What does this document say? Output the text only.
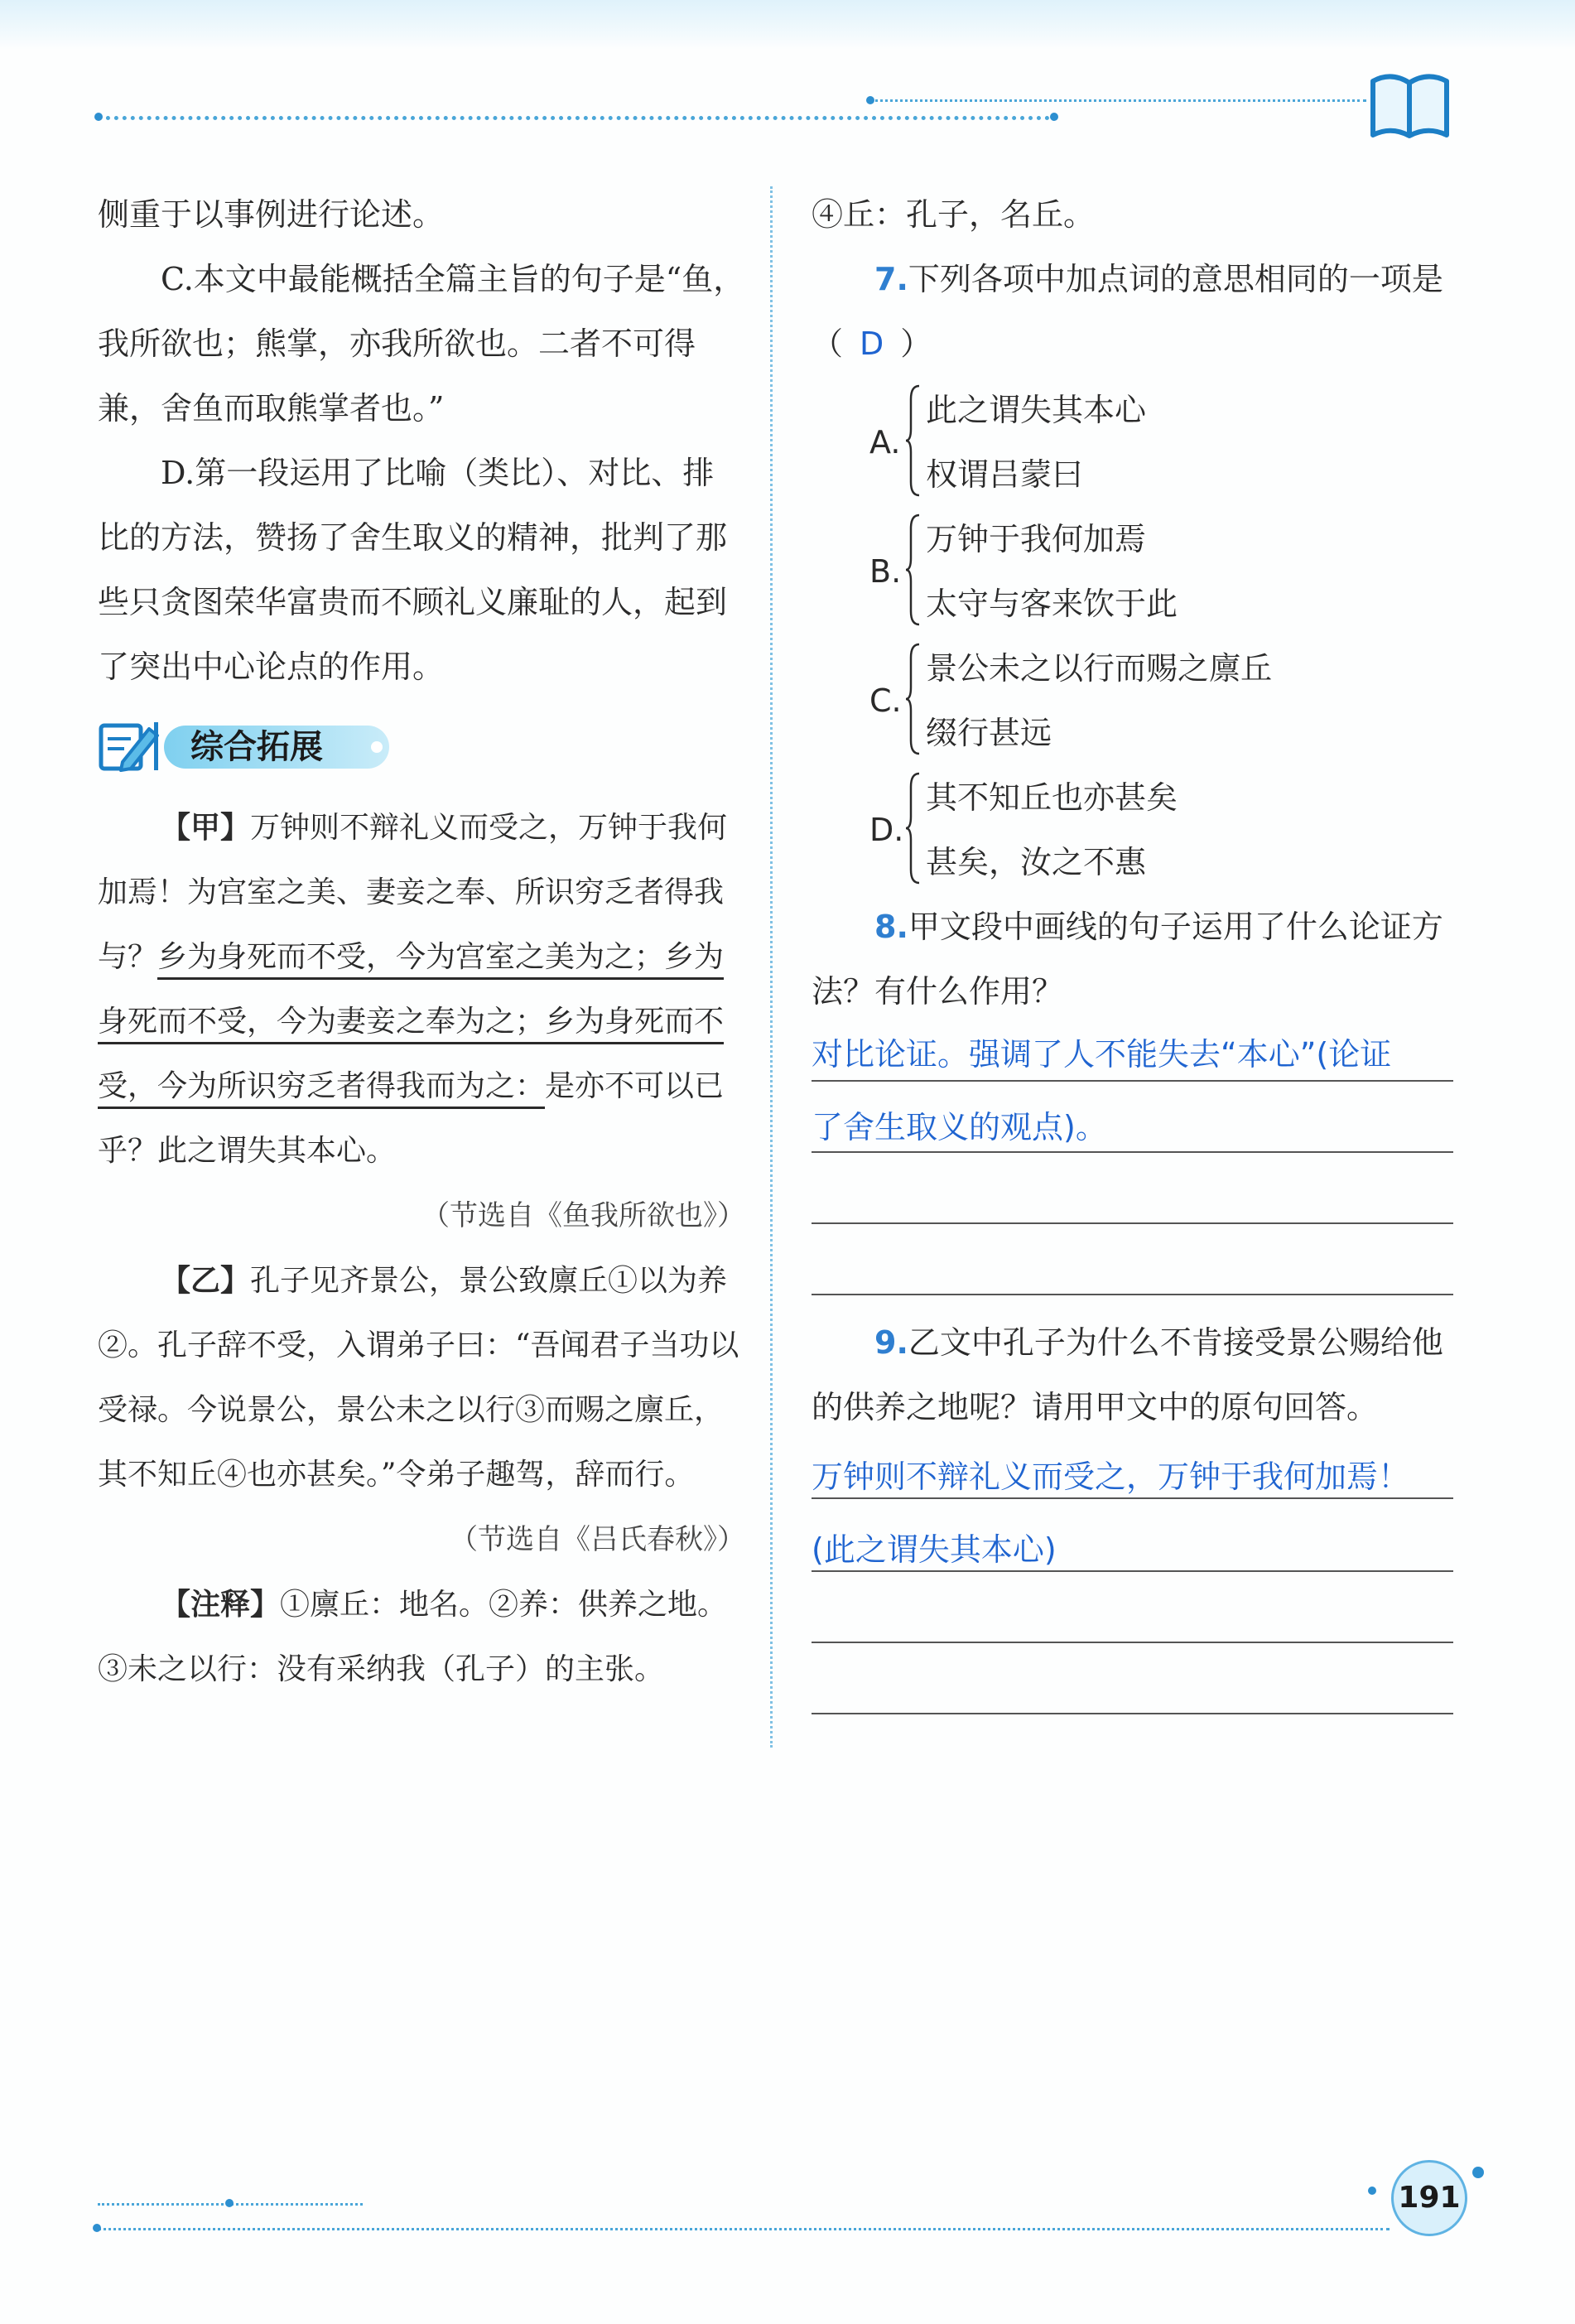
侧重于以事例进行论述。

C.本文中最能概括全篇主旨的句子是“鱼，我所欲也；熊掌，亦我所欲也。二者不可得兼，舍鱼而取熊掌者也。”

D.第一段运用了比喻（类比）、对比、排比的方法，赞扬了舍生取义的精神，批判了那些只贪图荣华富贵而不顾礼义廉耻的人，起到了突出中心论点的作用。

综合拓展

【甲】万钟则不辩礼义而受之，万钟于我何加焉！为宫室之美、妻妾之奉、所识穷乏者得我与？乡为身死而不受，今为宫室之美为之；乡为身死而不受，今为妻妾之奉为之；乡为身死而不受，今为所识穷乏者得我而为之：是亦不可以已乎？此之谓失其本心。

（节选自《鱼我所欲也》）

【乙】孔子见齐景公，景公致廪丘①以为养②。孔子辞不受，入谓弟子曰：“吾闻君子当功以受禄。今说景公，景公未之以行③而赐之廪丘，其不知丘④也亦甚矣。”令弟子趣驾，辞而行。

（节选自《吕氏春秋》）

【注释】①廪丘：地名。②养：供养之地。③未之以行：没有采纳我（孔子）的主张。

④丘：孔子，名丘。

7.下列各项中加点词的意思相同的一项是（ D ）

A.
此之谓失其本心
权谓吕蒙曰
B.
万钟于我何加焉
太守与客来饮于此
C.
景公未之以行而赐之廪丘
缀行甚远
D.
其不知丘也亦甚矣
甚矣，汝之不惠

8.甲文段中画线的句子运用了什么论证方法？有什么作用？

对比论证。强调了人不能失去“本心”(论证
了舍生取义的观点)。

9.乙文中孔子为什么不肯接受景公赐给他的供养之地呢？请用甲文中的原句回答。

万钟则不辩礼义而受之，万钟于我何加焉！
(此之谓失其本心)
191
